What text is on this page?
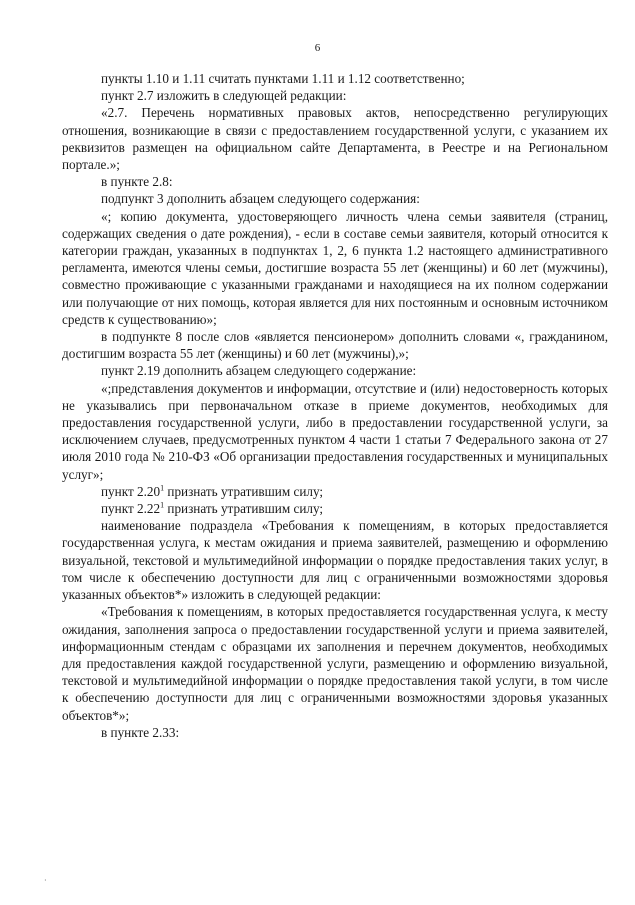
6

пункты 1.10 и 1.11 считать пунктами 1.11 и 1.12 соответственно;

пункт 2.7 изложить в следующей редакции:

«2.7. Перечень нормативных правовых актов, непосредственно регулирующих отношения, возникающие в связи с предоставлением государственной услуги, с указанием их реквизитов размещен на официальном сайте Департамента, в Реестре и на Региональном портале.»;

в пункте 2.8:

подпункт 3 дополнить абзацем следующего содержания:

«; копию документа, удостоверяющего личность члена семьи заявителя (страниц, содержащих сведения о дате рождения), - если в составе семьи заявителя, который относится к категории граждан, указанных в подпунктах 1, 2, 6 пункта 1.2 настоящего административного регламента, имеются члены семьи, достигшие возраста 55 лет (женщины) и 60 лет (мужчины), совместно проживающие с указанными гражданами и находящиеся на их полном содержании или получающие от них помощь, которая является для них постоянным и основным источником средств к существованию»;

в подпункте 8 после слов «является пенсионером» дополнить словами «, гражданином, достигшим возраста 55 лет (женщины) и 60 лет (мужчины),»;

пункт 2.19 дополнить абзацем следующего содержание:

«;представления документов и информации, отсутствие и (или) недостоверность которых не указывались при первоначальном отказе в приеме документов, необходимых для предоставления государственной услуги, либо в предоставлении государственной услуги, за исключением случаев, предусмотренных пунктом 4 части 1 статьи 7 Федерального закона от 27 июля 2010 года № 210-ФЗ «Об организации предоставления государственных и муниципальных услуг»;

пункт 2.20$^1$ признать утратившим силу;

пункт 2.22$^1$ признать утратившим силу;

наименование подраздела «Требования к помещениям, в которых предоставляется государственная услуга, к местам ожидания и приема заявителей, размещению и оформлению визуальной, текстовой и мультимедийной информации о порядке предоставления таких услуг, в том числе к обеспечению доступности для лиц с ограниченными возможностями здоровья указанных объектов*» изложить в следующей редакции:

«Требования к помещениям, в которых предоставляется государственная услуга, к месту ожидания, заполнения запроса о предоставлении государственной услуги и приема заявителей, информационным стендам с образцами их заполнения и перечнем документов, необходимых для предоставления каждой государственной услуги, размещению и оформлению визуальной, текстовой и мультимедийной информации о порядке предоставления такой услуги, в том числе к обеспечению доступности для лиц с ограниченными возможностями здоровья указанных объектов*»;

в пункте 2.33:

·
